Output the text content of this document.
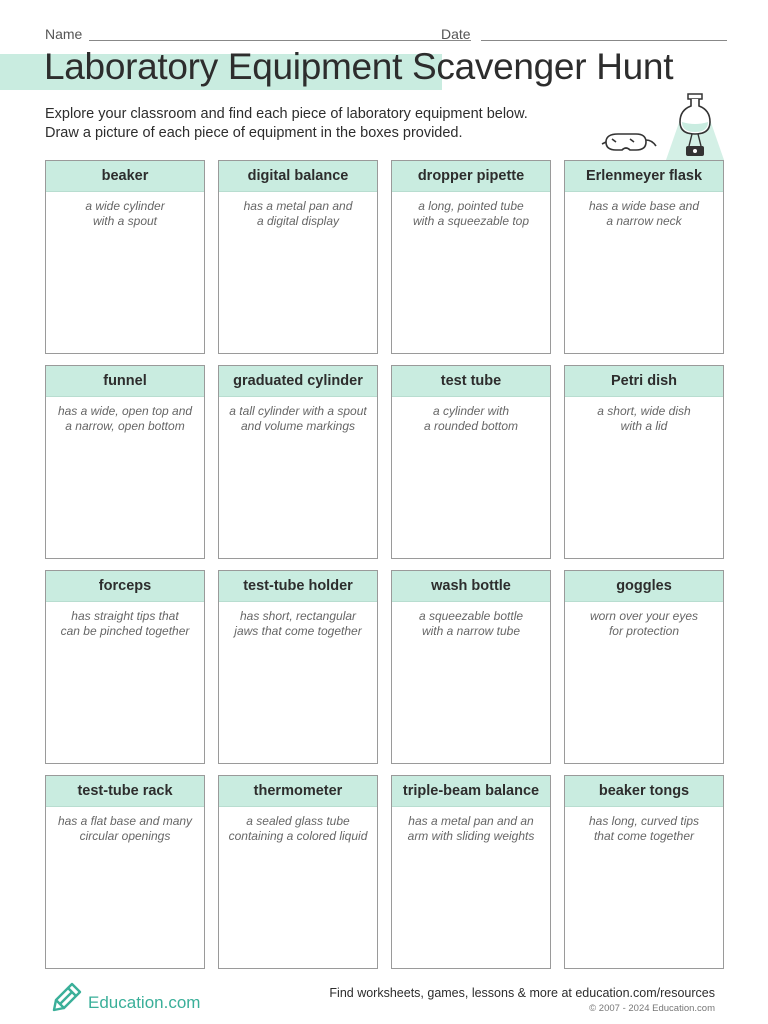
Name	Date
Laboratory Equipment Scavenger Hunt
Explore your classroom and find each piece of laboratory equipment below.
Draw a picture of each piece of equipment in the boxes provided.
beaker
a wide cylinder
with a spout
digital balance
has a metal pan and
a digital display
dropper pipette
a long, pointed tube
with a squeezable top
Erlenmeyer flask
has a wide base and
a narrow neck
funnel
has a wide, open top and
a narrow, open bottom
graduated cylinder
a tall cylinder with a spout
and volume markings
test tube
a cylinder with
a rounded bottom
Petri dish
a short, wide dish
with a lid
forceps
has straight tips that
can be pinched together
test-tube holder
has short, rectangular
jaws that come together
wash bottle
a squeezable bottle
with a narrow tube
goggles
worn over your eyes
for protection
test-tube rack
has a flat base and many
circular openings
thermometer
a sealed glass tube
containing a colored liquid
triple-beam balance
has a metal pan and an
arm with sliding weights
beaker tongs
has long, curved tips
that come together
Education.com	Find worksheets, games, lessons & more at education.com/resources
© 2007 - 2024 Education.com
